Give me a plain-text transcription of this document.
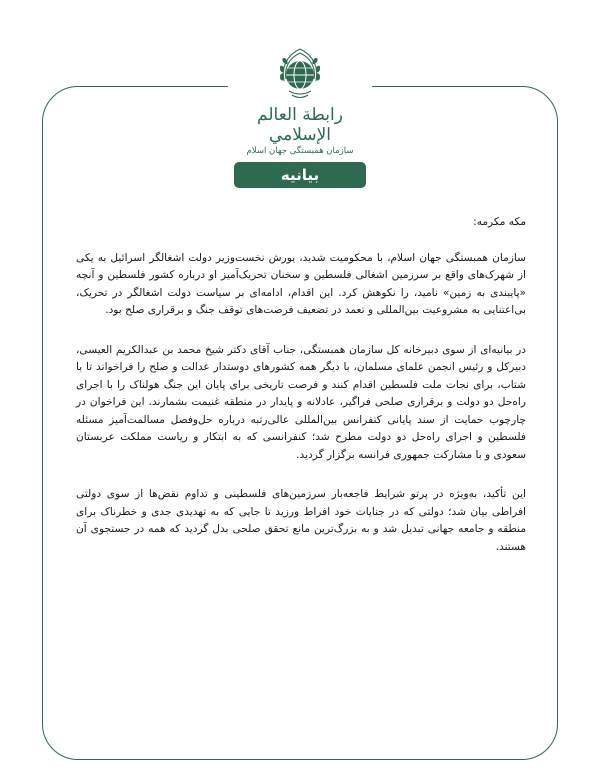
رابطة العالم الإسلامي
سازمان همبستگی جهان اسلام
بیانیه

مکه مکرمه:

سازمان همبستگی جهان اسلام، با محکومیت شدید، یورش نخست‌وزیر دولت اشغالگر اسرائیل به یکی از شهرک‌های واقع بر سرزمین اشغالی فلسطین و سخنان تحریک‌آمیز او درباره کشور فلسطین و آنچه «پایبندی به زمین» نامید، را نکوهش کرد. این اقدام، ادامه‌ای بر سیاست دولت اشغالگر در تحریک، بی‌اعتنایی به مشروعیت بین‌المللی و تعمد در تضعیف فرصت‌های توقف جنگ و برقراری صلح بود.

در بیانیه‌ای از سوی دبیرخانه کل سازمان همبستگی، جناب آقای دکتر شیخ محمد بن عبدالکریم العیسی، دبیرکل و رئیس انجمن علمای مسلمان، با دیگر همه کشورهای دوستدار عدالت و صلح را فراخواند تا با شتاب، برای نجات ملت فلسطین اقدام کنند و فرصت تاریخی برای پایان این جنگ هولناک را با اجرای راه‌حل دو دولت و برقراری صلحی فراگیر، عادلانه و پایدار در منطقه غنیمت بشمارند. این فراخوان در چارچوب حمایت از سند پایانی کنفرانس بین‌المللی عالی‌رتبه درباره حل‌وفصل مسالمت‌آمیز مسئله فلسطین و اجرای راه‌حل دو دولت مطرح شد؛ کنفرانسی که به ابتکار و ریاست مملکت عربستان سعودی و با مشارکت جمهوری فرانسه برگزار گردید.

این تأکید، به‌ویژه در پرتو شرایط فاجعه‌بار سرزمین‌های فلسطینی و تداوم نقض‌ها از سوی دولتی افراطی بیان شد؛ دولتی که در جنایات خود افراط ورزید تا جایی که به تهدیدی جدی و خطرناک برای منطقه و جامعه جهانی تبدیل شد و به بزرگ‌ترین مانع تحقق صلحی بدل گردید که همه در جستجوی آن هستند.
